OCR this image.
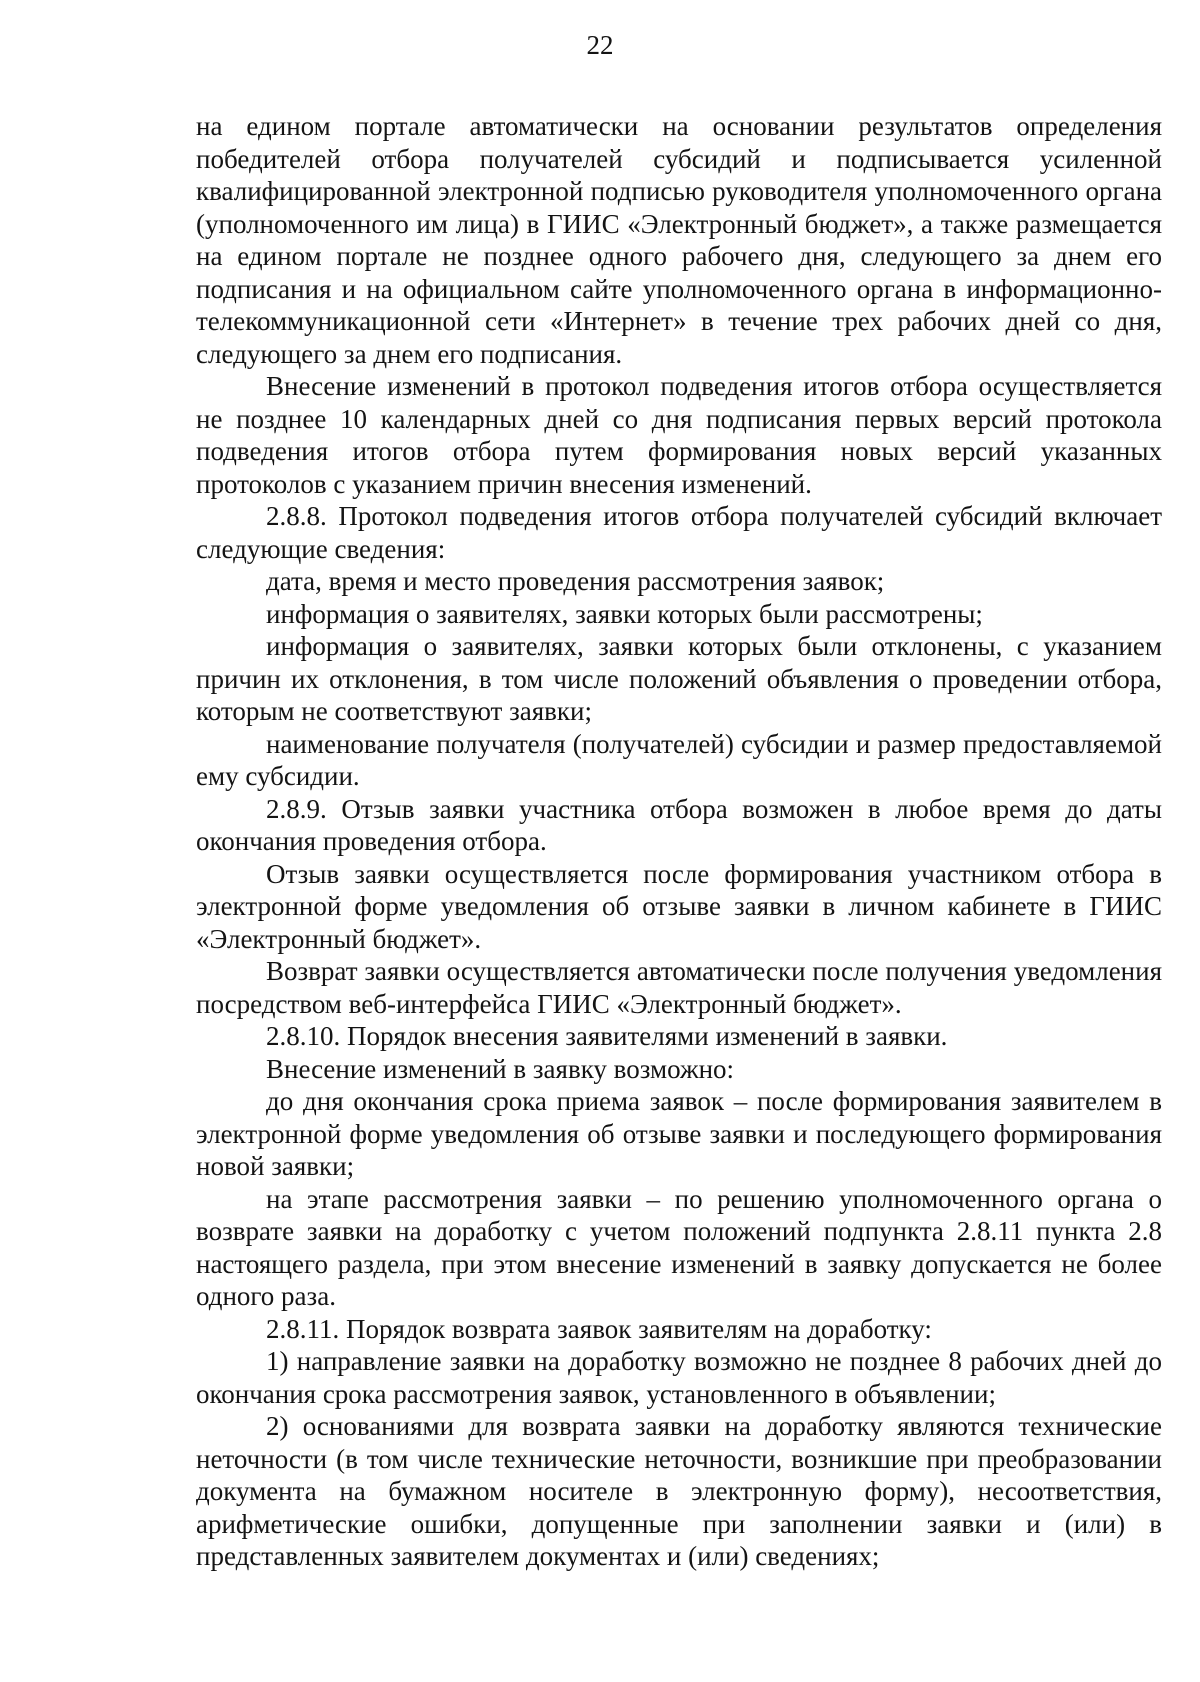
22

на едином портале автоматически на основании результатов определения победителей отбора получателей субсидий и подписывается усиленной квалифицированной электронной подписью руководителя уполномоченного органа (уполномоченного им лица) в ГИИС «Электронный бюджет», а также размещается на едином портале не позднее одного рабочего дня, следующего за днем его подписания и на официальном сайте уполномоченного органа в информационно-телекоммуникационной сети «Интернет» в течение трех рабочих дней со дня, следующего за днем его подписания.

Внесение изменений в протокол подведения итогов отбора осуществляется не позднее 10 календарных дней со дня подписания первых версий протокола подведения итогов отбора путем формирования новых версий указанных протоколов с указанием причин внесения изменений.

2.8.8. Протокол подведения итогов отбора получателей субсидий включает следующие сведения:

дата, время и место проведения рассмотрения заявок;

информация о заявителях, заявки которых были рассмотрены;

информация о заявителях, заявки которых были отклонены, с указанием причин их отклонения, в том числе положений объявления о проведении отбора, которым не соответствуют заявки;

наименование получателя (получателей) субсидии и размер предоставляемой ему субсидии.

2.8.9. Отзыв заявки участника отбора возможен в любое время до даты окончания проведения отбора.

Отзыв заявки осуществляется после формирования участником отбора в электронной форме уведомления об отзыве заявки в личном кабинете в ГИИС «Электронный бюджет».

Возврат заявки осуществляется автоматически после получения уведомления посредством веб-интерфейса ГИИС «Электронный бюджет».

2.8.10. Порядок внесения заявителями изменений в заявки.

Внесение изменений в заявку возможно:

до дня окончания срока приема заявок – после формирования заявителем в электронной форме уведомления об отзыве заявки и последующего формирования новой заявки;

на этапе рассмотрения заявки – по решению уполномоченного органа о возврате заявки на доработку с учетом положений подпункта 2.8.11 пункта 2.8 настоящего раздела, при этом внесение изменений в заявку допускается не более одного раза.

2.8.11. Порядок возврата заявок заявителям на доработку:

1) направление заявки на доработку возможно не позднее 8 рабочих дней до окончания срока рассмотрения заявок, установленного в объявлении;

2) основаниями для возврата заявки на доработку являются технические неточности (в том числе технические неточности, возникшие при преобразовании документа на бумажном носителе в электронную форму), несоответствия, арифметические ошибки, допущенные при заполнении заявки и (или) в представленных заявителем документах и (или) сведениях;
